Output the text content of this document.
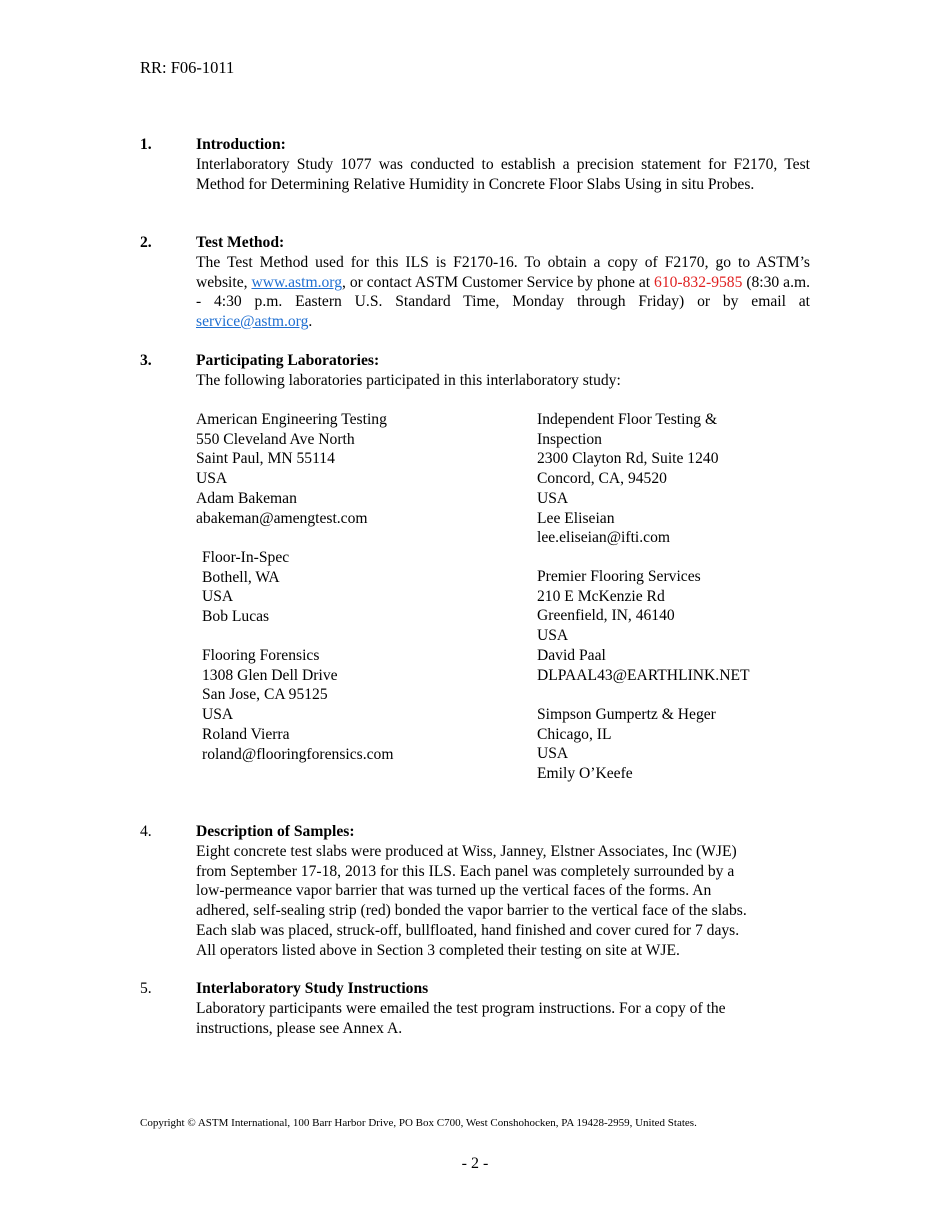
RR: F06-1011
1.	Introduction:
Interlaboratory Study 1077 was conducted to establish a precision statement for F2170, Test Method for Determining Relative Humidity in Concrete Floor Slabs Using in situ Probes.
2.	Test Method:
The Test Method used for this ILS is F2170-16. To obtain a copy of F2170, go to ASTM’s website, www.astm.org, or contact ASTM Customer Service by phone at 610-832-9585 (8:30 a.m. - 4:30 p.m. Eastern U.S. Standard Time, Monday through Friday) or by email at service@astm.org.
3.	Participating Laboratories:
The following laboratories participated in this interlaboratory study:
American Engineering Testing
550 Cleveland Ave North
Saint Paul, MN 55114
USA
Adam Bakeman
abakeman@amengtest.com
Floor-In-Spec
Bothell, WA
USA
Bob Lucas
Flooring Forensics
1308 Glen Dell Drive
San Jose, CA 95125
USA
Roland Vierra
roland@flooringforensics.com
Independent Floor Testing &
Inspection
2300 Clayton Rd, Suite 1240
Concord, CA, 94520
USA
Lee Eliseian
lee.eliseian@ifti.com
Premier Flooring Services
210 E McKenzie Rd
Greenfield, IN, 46140
USA
David Paal
DLPAAL43@EARTHLINK.NET
Simpson Gumpertz & Heger
Chicago, IL
USA
Emily O’Keefe
4.	Description of Samples:
Eight concrete test slabs were produced at Wiss, Janney, Elstner Associates, Inc (WJE)
from September 17-18, 2013 for this ILS. Each panel was completely surrounded by a
low-permeance vapor barrier that was turned up the vertical faces of the forms. An
adhered, self-sealing strip (red) bonded the vapor barrier to the vertical face of the slabs.
Each slab was placed, struck-off, bullfloated, hand finished and cover cured for 7 days.
All operators listed above in Section 3 completed their testing on site at WJE.
5.	Interlaboratory Study Instructions
Laboratory participants were emailed the test program instructions. For a copy of the
instructions, please see Annex A.
Copyright © ASTM International, 100 Barr Harbor Drive, PO Box C700, West Conshohocken, PA 19428-2959, United States.
- 2 -
